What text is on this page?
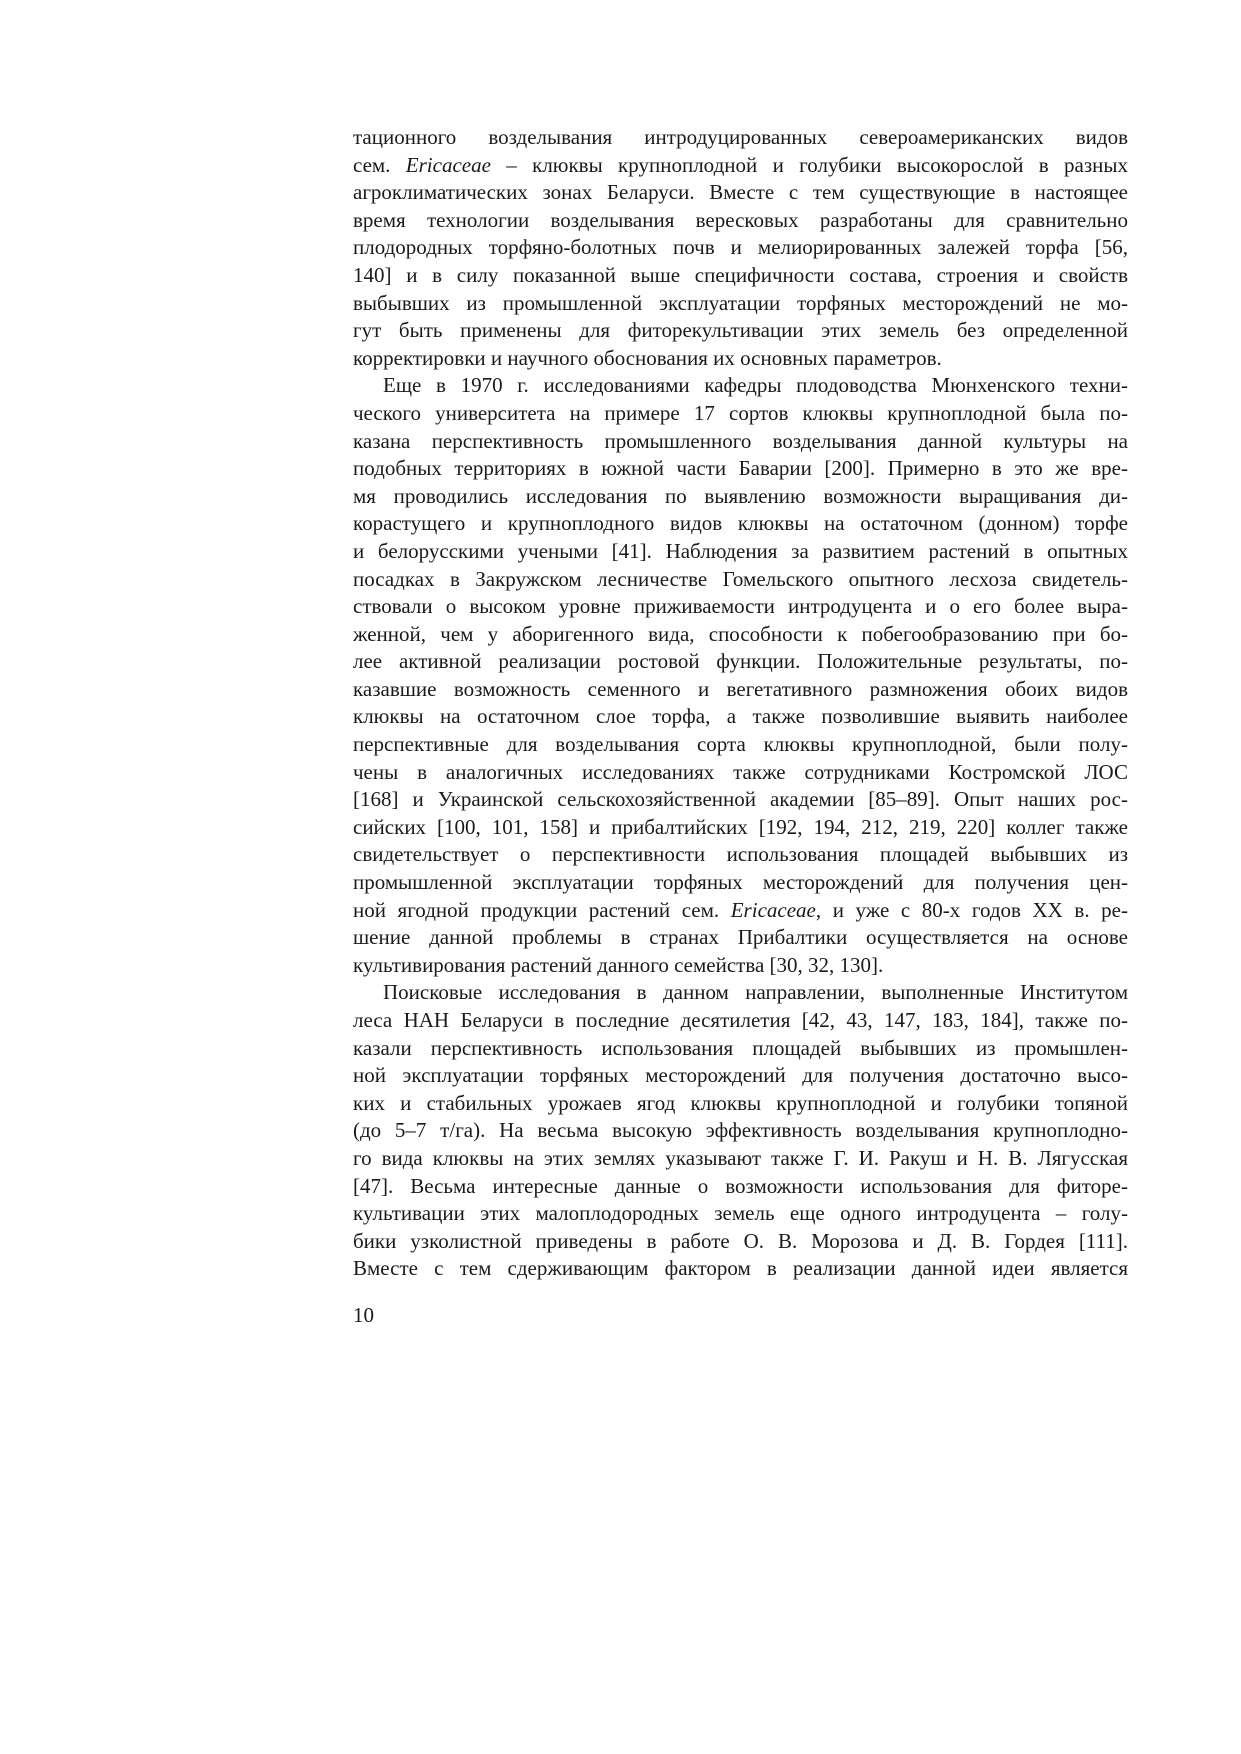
тационного возделывания интродуцированных североамериканских видов
сем. Ericaceae – клюквы крупноплодной и голубики высокорослой в разных
агроклиматических зонах Беларуси. Вместе с тем существующие в настоящее
время технологии возделывания вересковых разработаны для сравнительно
плодородных торфяно-болотных почв и мелиорированных залежей торфа [56,
140] и в силу показанной выше специфичности состава, строения и свойств
выбывших из промышленной эксплуатации торфяных месторождений не мо-
гут быть применены для фиторекультивации этих земель без определенной
корректировки и научного обоснования их основных параметров.
Еще в 1970 г. исследованиями кафедры плодоводства Мюнхенского техни-
ческого университета на примере 17 сортов клюквы крупноплодной была по-
казана перспективность промышленного возделывания данной культуры на
подобных территориях в южной части Баварии [200]. Примерно в это же вре-
мя проводились исследования по выявлению возможности выращивания ди-
корастущего и крупноплодного видов клюквы на остаточном (донном) торфе
и белорусскими учеными [41]. Наблюдения за развитием растений в опытных
посадках в Закружском лесничестве Гомельского опытного лесхоза свидетель-
ствовали о высоком уровне приживаемости интродуцента и о его более выра-
женной, чем у аборигенного вида, способности к побегообразованию при бо-
лее активной реализации ростовой функции. Положительные результаты, по-
казавшие возможность семенного и вегетативного размножения обоих видов
клюквы на остаточном слое торфа, а также позволившие выявить наиболее
перспективные для возделывания сорта клюквы крупноплодной, были полу-
чены в аналогичных исследованиях также сотрудниками Костромской ЛОС
[168] и Украинской сельскохозяйственной академии [85–89]. Опыт наших рос-
сийских [100, 101, 158] и прибалтийских [192, 194, 212, 219, 220] коллег также
свидетельствует о перспективности использования площадей выбывших из
промышленной эксплуатации торфяных месторождений для получения цен-
ной ягодной продукции растений сем. Ericaceae, и уже с 80-х годов XX в. ре-
шение данной проблемы в странах Прибалтики осуществляется на основе
культивирования растений данного семейства [30, 32, 130].
Поисковые исследования в данном направлении, выполненные Институтом
леса НАН Беларуси в последние десятилетия [42, 43, 147, 183, 184], также по-
казали перспективность использования площадей выбывших из промышлен-
ной эксплуатации торфяных месторождений для получения достаточно высо-
ких и стабильных урожаев ягод клюквы крупноплодной и голубики топяной
(до 5–7 т/га). На весьма высокую эффективность возделывания крупноплодно-
го вида клюквы на этих землях указывают также Г. И. Ракуш и Н. В. Лягусская
[47]. Весьма интересные данные о возможности использования для фиторе-
культивации этих малоплодородных земель еще одного интродуцента – голу-
бики узколистной приведены в работе О. В. Морозова и Д. В. Гордея [111].
Вместе с тем сдерживающим фактором в реализации данной идеи является
10
